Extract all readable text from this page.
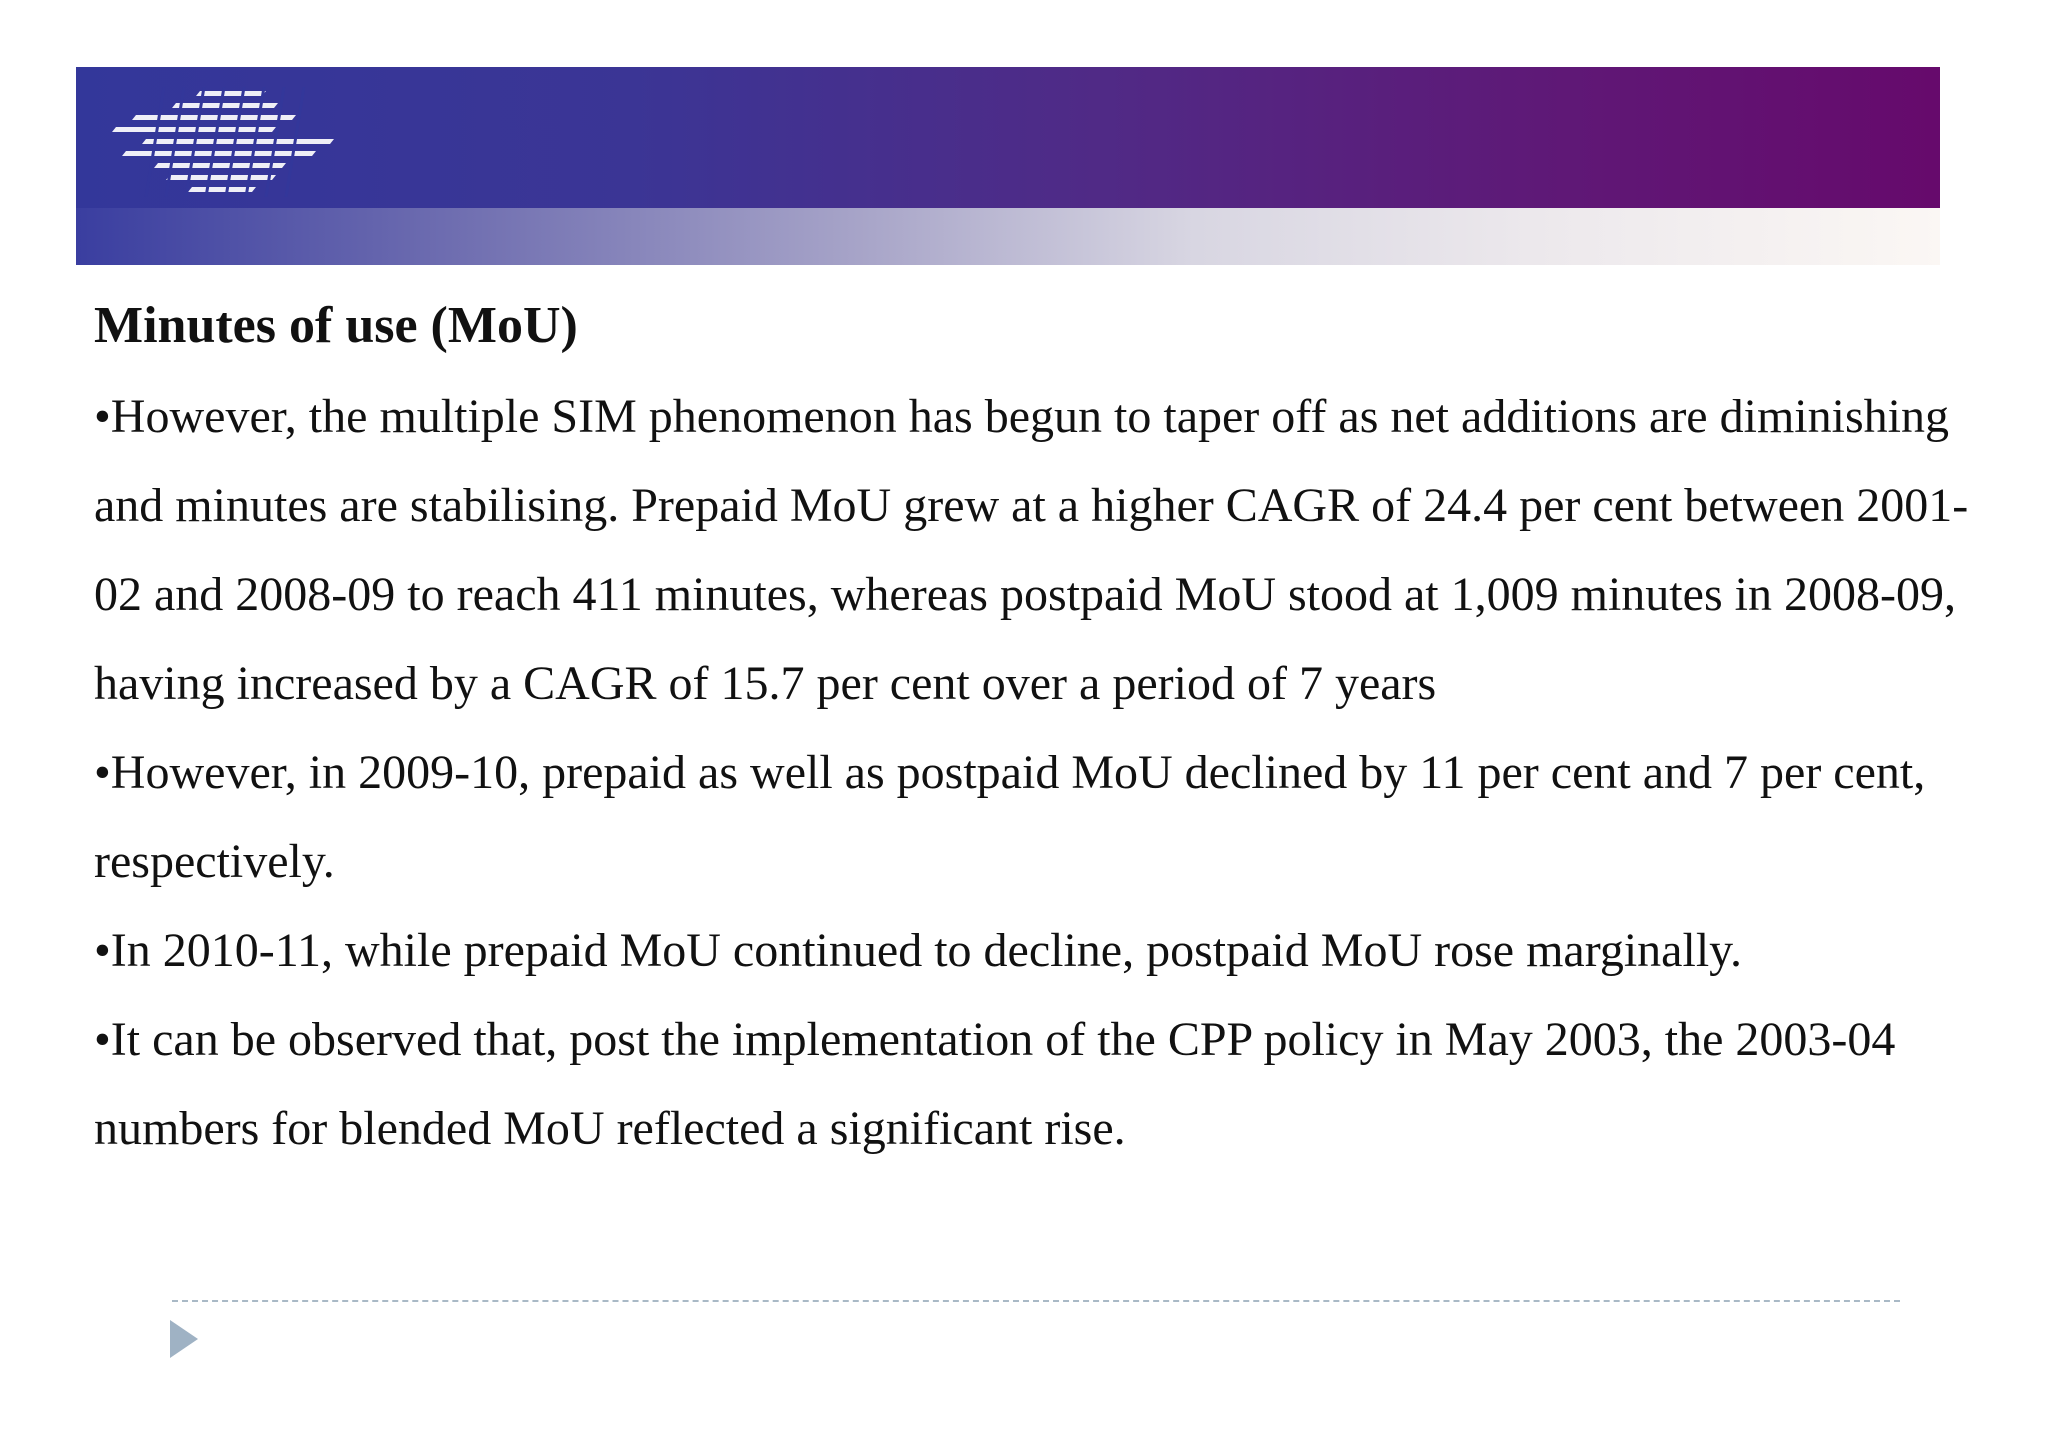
Minutes of use (MoU)

•However, the multiple SIM phenomenon has begun to taper off as net additions are diminishing and minutes are stabilising. Prepaid MoU grew at a higher CAGR of 24.4 per cent between 2001-02 and 2008-09 to reach 411 minutes, whereas postpaid MoU stood at 1,009 minutes in 2008-09, having increased by a CAGR of 15.7 per cent over a period of 7 years

•However, in 2009-10, prepaid as well as postpaid MoU declined by 11 per cent and 7 per cent, respectively.

•In 2010-11, while prepaid MoU continued to decline, postpaid MoU rose marginally.

•It can be observed that, post the implementation of the CPP policy in May 2003, the 2003-04 numbers for blended MoU reflected a significant rise.
